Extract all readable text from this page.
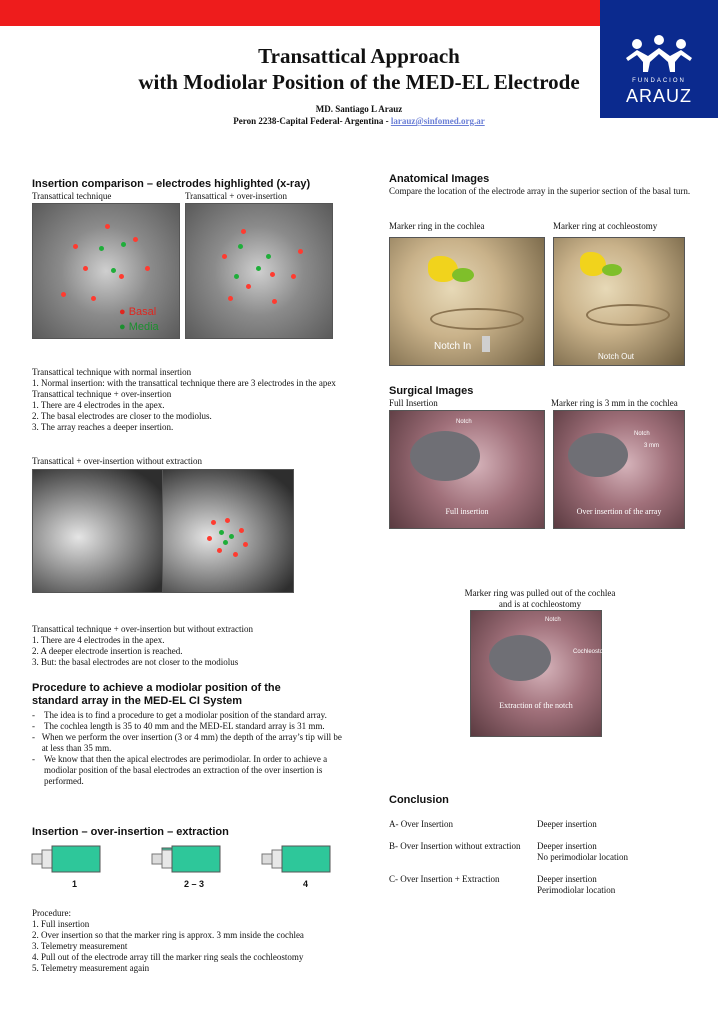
FUNDACION
ARAUZ
Transattical Approach
with Modiolar Position of the MED-EL Electrode
MD. Santiago L Arauz
Peron 2238-Capital Federal- Argentina - larauz@sinfomed.org.ar
Insertion comparison – electrodes highlighted (x-ray)
Transattical technique	Transattical + over-insertion
● Basal
● Media
Transattical technique with normal insertion
1. Normal insertion: with the transattical technique there are 3 electrodes in the apex
Transattical technique + over-insertion
1. There are 4 electrodes in the apex.
2. The basal electrodes are closer to the modiolus.
3. The array reaches a deeper insertion.
Transattical + over-insertion without extraction
Transattical technique + over-insertion but without extraction
1. There are 4 electrodes in the apex.
2. A deeper electrode insertion is reached.
3. But: the basal electrodes are not closer to the modiolus
Procedure to achieve a modiolar position of the
standard array in the MED-EL CI System
-	The idea is to find a procedure to get a modiolar position of the standard array.
-	The cochlea length is 35 to 40 mm and the MED-EL standard array is 31 mm.
- When we perform the over insertion (3 or 4 mm) the depth of the array’s tip will be at less than 35 mm.
-	We know that then the apical electrodes are perimodiolar. In order to achieve a modiolar position of the basal electrodes an extraction of the over insertion is performed.
Insertion – over-insertion – extraction
1	2 – 3	4
Procedure:
1. Full insertion
2. Over insertion so that the marker ring is approx. 3 mm inside the cochlea
3. Telemetry measurement
4. Pull out of the electrode array till the marker ring seals the cochleostomy
5. Telemetry measurement again
Anatomical Images
Compare the location of the electrode array in the superior section of the basal turn.
Marker ring in the cochlea	Marker ring at cochleostomy
Notch In
Notch Out
Surgical Images
Full Insertion	Marker ring is 3 mm in the cochlea
Notch
Full insertion
Notch
3 mm
Over insertion of the array
Marker ring was pulled out of the cochlea
and is at cochleostomy
Notch
Cochleostomy
Extraction of the notch
Conclusion
A- Over Insertion	Deeper insertion
B- Over Insertion without extraction Deeper insertion
No perimodiolar location
C- Over Insertion + Extraction	Deeper insertion
Perimodiolar location
